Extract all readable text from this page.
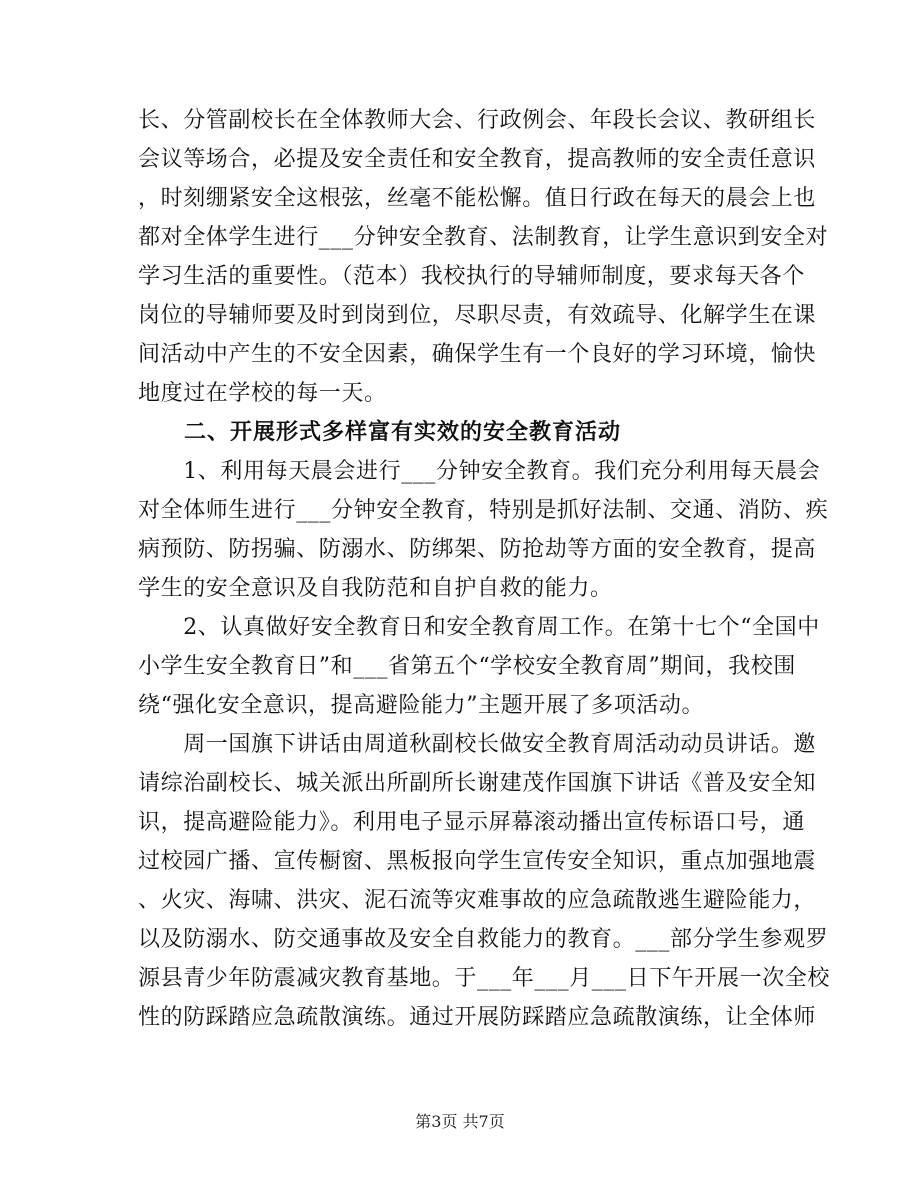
长、分管副校长在全体教师大会、行政例会、年段长会议、教研组长
会议等场合，必提及安全责任和安全教育，提高教师的安全责任意识
，时刻绷紧安全这根弦，丝毫不能松懈。值日行政在每天的晨会上也
都对全体学生进行___分钟安全教育、法制教育，让学生意识到安全对
学习生活的重要性。（范本）我校执行的导辅师制度，要求每天各个
岗位的导辅师要及时到岗到位，尽职尽责，有效疏导、化解学生在课
间活动中产生的不安全因素，确保学生有一个良好的学习环境，愉快
地度过在学校的每一天。
　　二、开展形式多样富有实效的安全教育活动
　　1、利用每天晨会进行___分钟安全教育。我们充分利用每天晨会
对全体师生进行___分钟安全教育，特别是抓好法制、交通、消防、疾
病预防、防拐骗、防溺水、防绑架、防抢劫等方面的安全教育，提高
学生的安全意识及自我防范和自护自救的能力。
　　2、认真做好安全教育日和安全教育周工作。在第十七个“全国中
小学生安全教育日”和___省第五个“学校安全教育周”期间，我校围
绕“强化安全意识，提高避险能力”主题开展了多项活动。
　　周一国旗下讲话由周道秋副校长做安全教育周活动动员讲话。邀
请综治副校长、城关派出所副所长谢建茂作国旗下讲话《普及安全知
识，提高避险能力》。利用电子显示屏幕滚动播出宣传标语口号，通
过校园广播、宣传橱窗、黑板报向学生宣传安全知识，重点加强地震
、火灾、海啸、洪灾、泥石流等灾难事故的应急疏散逃生避险能力，
以及防溺水、防交通事故及安全自救能力的教育。___部分学生参观罗
源县青少年防震减灾教育基地。于___年___月___日下午开展一次全校
性的防踩踏应急疏散演练。通过开展防踩踏应急疏散演练，让全体师
第3页 共7页
